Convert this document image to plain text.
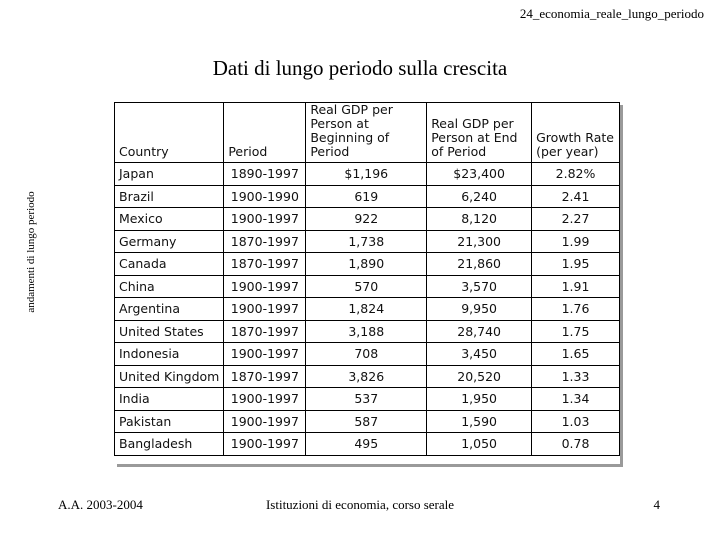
24_economia_reale_lungo_periodo
Dati di lungo periodo sulla crescita
andamenti di lungo periodo
Country	Period	Real GDP per Person at Beginning of Period	Real GDP per Person at End of Period	Growth Rate (per year)
Japan	1890-1997	$1,196	$23,400	2.82%
Brazil	1900-1990	619	6,240	2.41
Mexico	1900-1997	922	8,120	2.27
Germany	1870-1997	1,738	21,300	1.99
Canada	1870-1997	1,890	21,860	1.95
China	1900-1997	570	3,570	1.91
Argentina	1900-1997	1,824	9,950	1.76
United States	1870-1997	3,188	28,740	1.75
Indonesia	1900-1997	708	3,450	1.65
United Kingdom	1870-1997	3,826	20,520	1.33
India	1900-1997	537	1,950	1.34
Pakistan	1900-1997	587	1,590	1.03
Bangladesh	1900-1997	495	1,050	0.78
A.A. 2003-2004	Istituzioni di economia, corso serale	4
